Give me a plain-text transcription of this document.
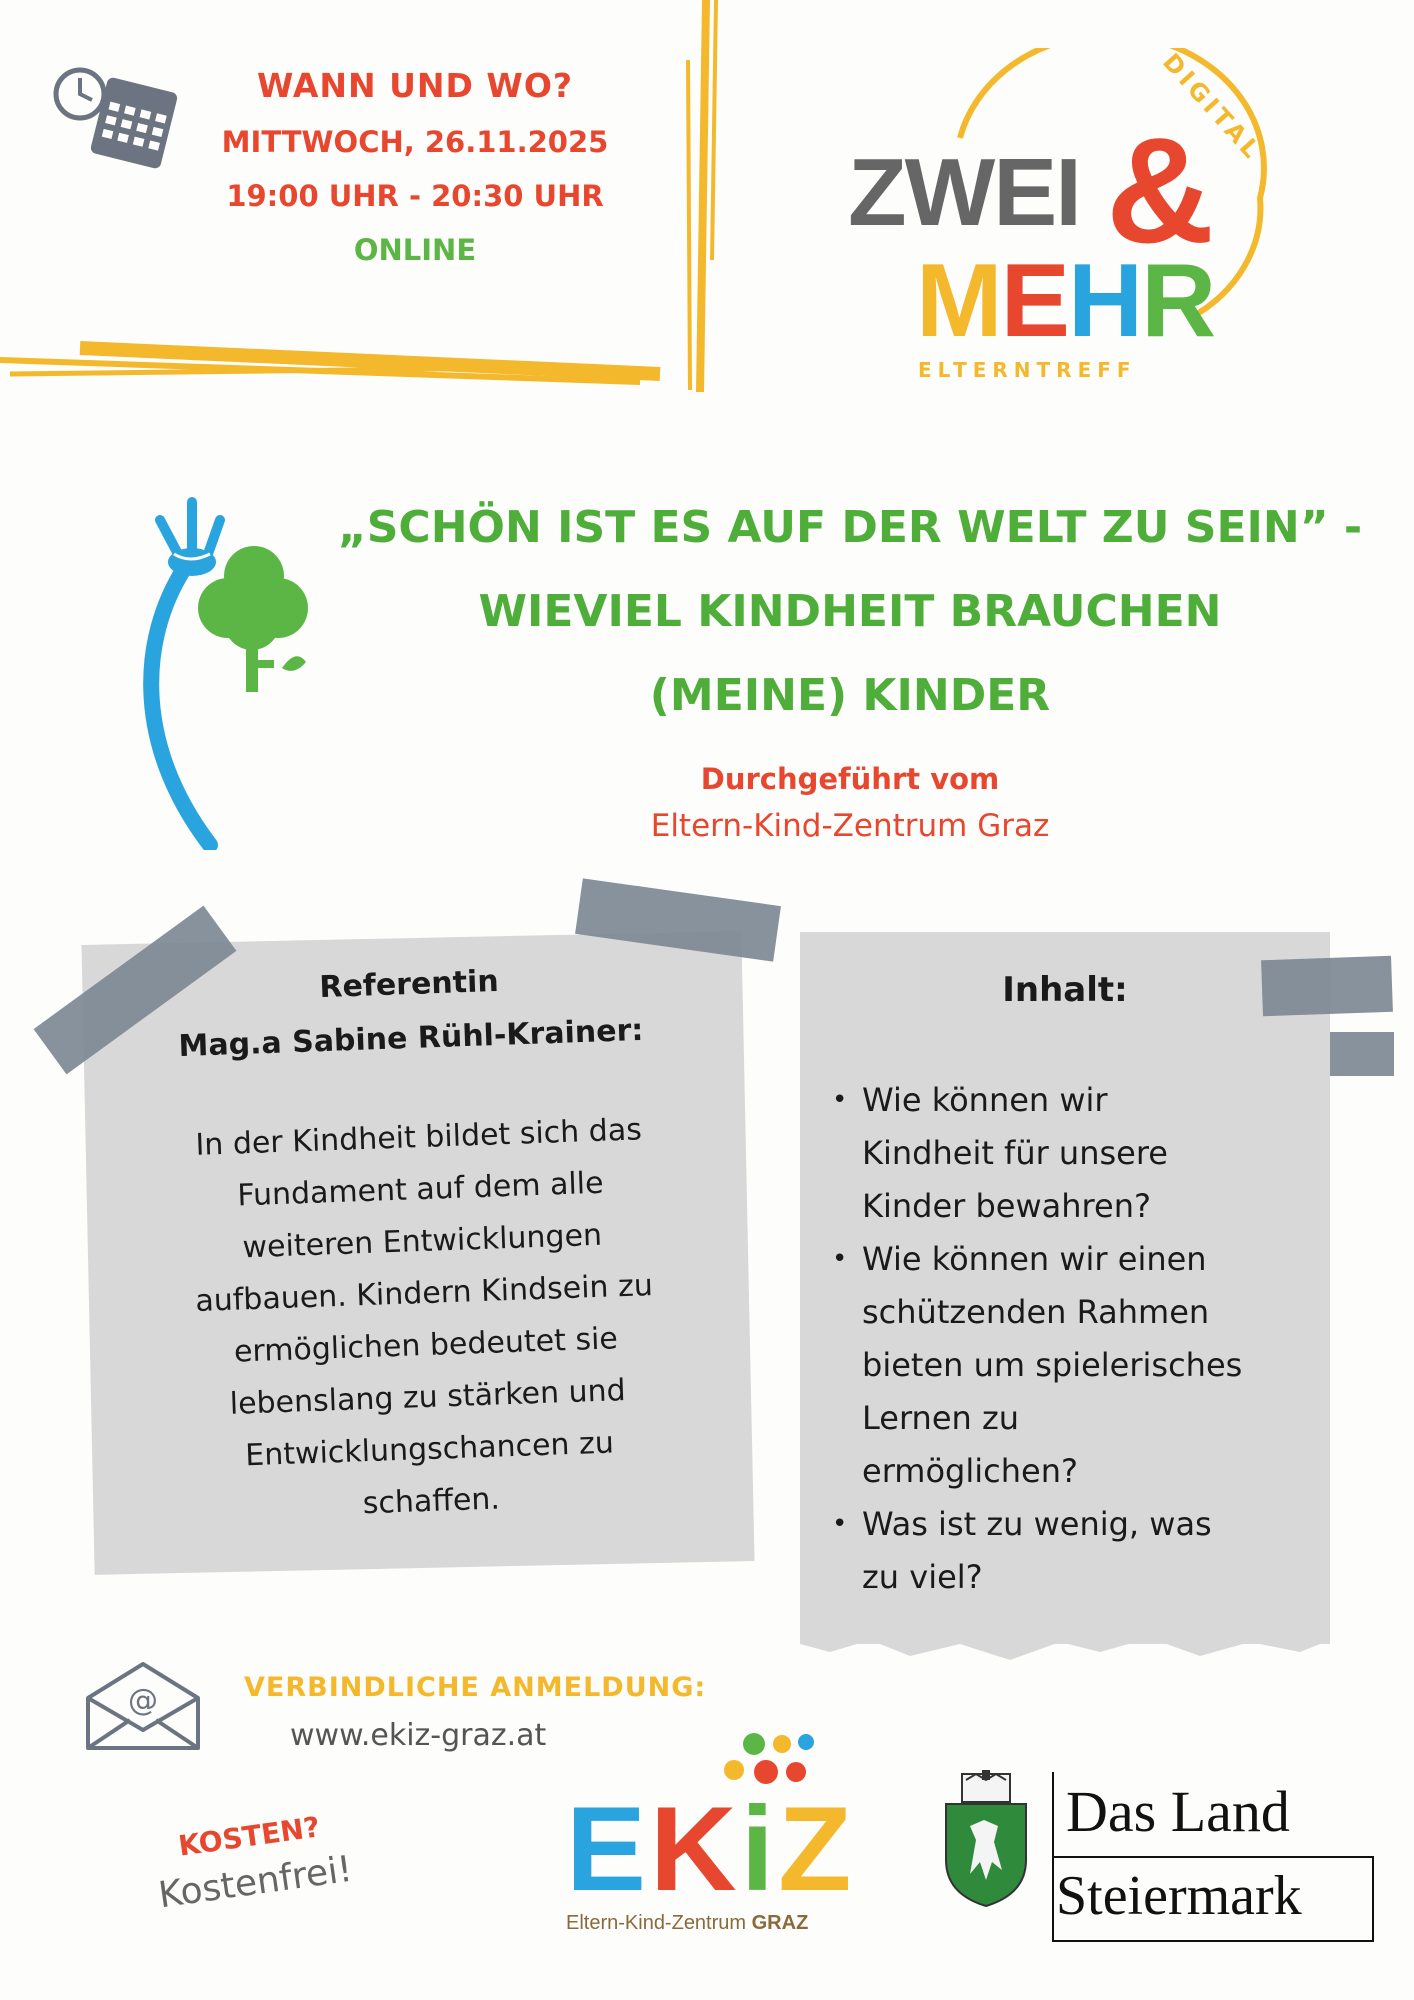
WANN UND WO?
MITTWOCH, 26.11.2025
19:00 UHR - 20:30 UHR
ONLINE
DIGITAL
ZWEI &
MEHR
ELTERNTREFF
„SCHÖN IST ES AUF DER WELT ZU SEIN” -
WIEVIEL KINDHEIT BRAUCHEN
(MEINE) KINDER
Durchgeführt vom
Eltern-Kind-Zentrum Graz
Referentin
Mag.a Sabine Rühl-Krainer:
In der Kindheit bildet sich das
Fundament auf dem alle
weiteren Entwicklungen
aufbauen. Kindern Kindsein zu
ermöglichen bedeutet sie
lebenslang zu stärken und
Entwicklungschancen zu
schaffen.
Inhalt:
• Wie können wir
Kindheit für unsere
Kinder bewahren?
• Wie können wir einen
schützenden Rahmen
bieten um spielerisches
Lernen zu
ermöglichen?
• Was ist zu wenig, was
zu viel?
@	VERBINDLICHE ANMELDUNG:
www.ekiz-graz.at
KOSTEN?
Kostenfrei! EKiZ
Eltern-Kind-Zentrum GRAZ
Das Land
Steiermark
